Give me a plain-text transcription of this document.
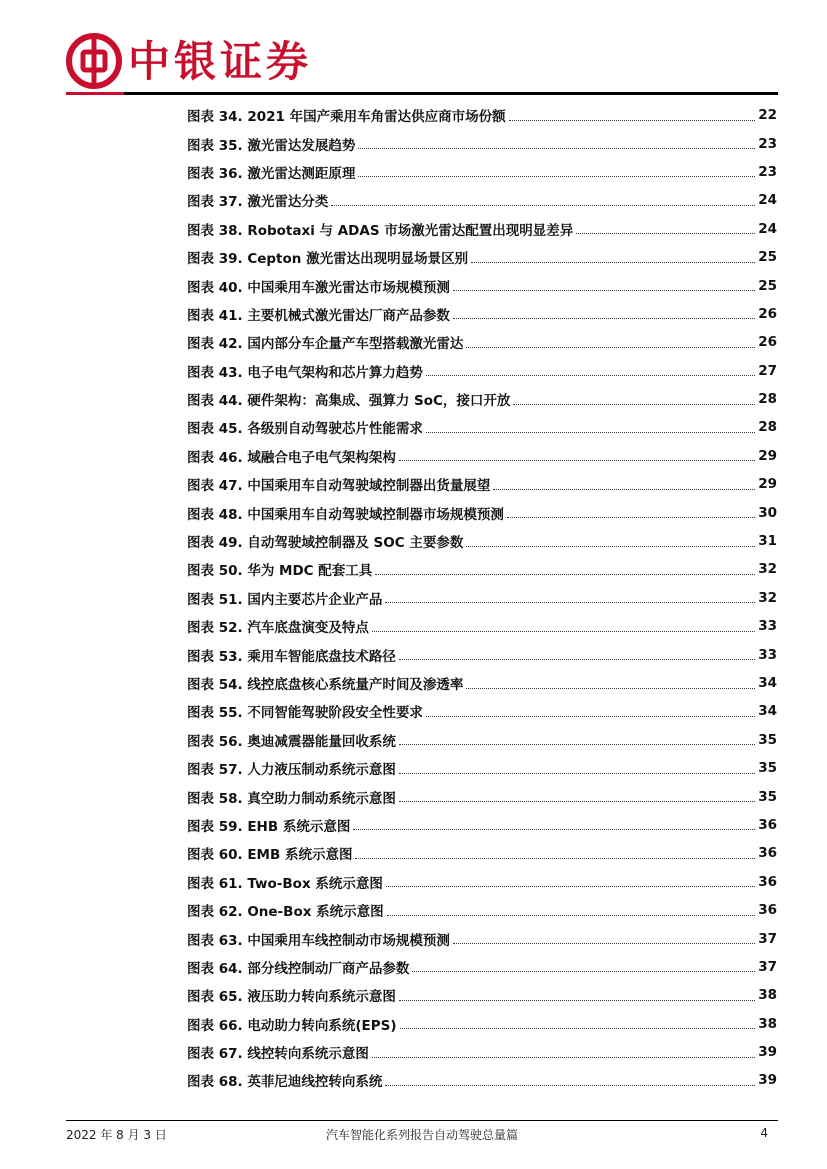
中银证券
图表 34. 2021 年国产乘用车角雷达供应商市场份额	22
图表 35. 激光雷达发展趋势	23
图表 36. 激光雷达测距原理	23
图表 37. 激光雷达分类	24
图表 38. Robotaxi 与 ADAS 市场激光雷达配置出现明显差异	24
图表 39. Cepton 激光雷达出现明显场景区别	25
图表 40. 中国乘用车激光雷达市场规模预测	25
图表 41. 主要机械式激光雷达厂商产品参数	26
图表 42. 国内部分车企量产车型搭载激光雷达	26
图表 43. 电子电气架构和芯片算力趋势	27
图表 44. 硬件架构：高集成、强算力 SoC，接口开放	28
图表 45. 各级别自动驾驶芯片性能需求	28
图表 46. 域融合电子电气架构架构	29
图表 47. 中国乘用车自动驾驶域控制器出货量展望	29
图表 48. 中国乘用车自动驾驶域控制器市场规模预测	30
图表 49. 自动驾驶域控制器及 SOC 主要参数	31
图表 50. 华为 MDC 配套工具	32
图表 51. 国内主要芯片企业产品	32
图表 52. 汽车底盘演变及特点	33
图表 53. 乘用车智能底盘技术路径	33
图表 54. 线控底盘核心系统量产时间及渗透率	34
图表 55. 不同智能驾驶阶段安全性要求	34
图表 56. 奥迪减震器能量回收系统	35
图表 57. 人力液压制动系统示意图	35
图表 58. 真空助力制动系统示意图	35
图表 59. EHB 系统示意图	36
图表 60. EMB 系统示意图	36
图表 61. Two-Box 系统示意图	36
图表 62. One-Box 系统示意图	36
图表 63. 中国乘用车线控制动市场规模预测	37
图表 64. 部分线控制动厂商产品参数	37
图表 65. 液压助力转向系统示意图	38
图表 66. 电动助力转向系统(EPS)	38
图表 67. 线控转向系统示意图	39
图表 68. 英菲尼迪线控转向系统	39
2022 年 8 月 3 日	汽车智能化系列报告自动驾驶总量篇	4
